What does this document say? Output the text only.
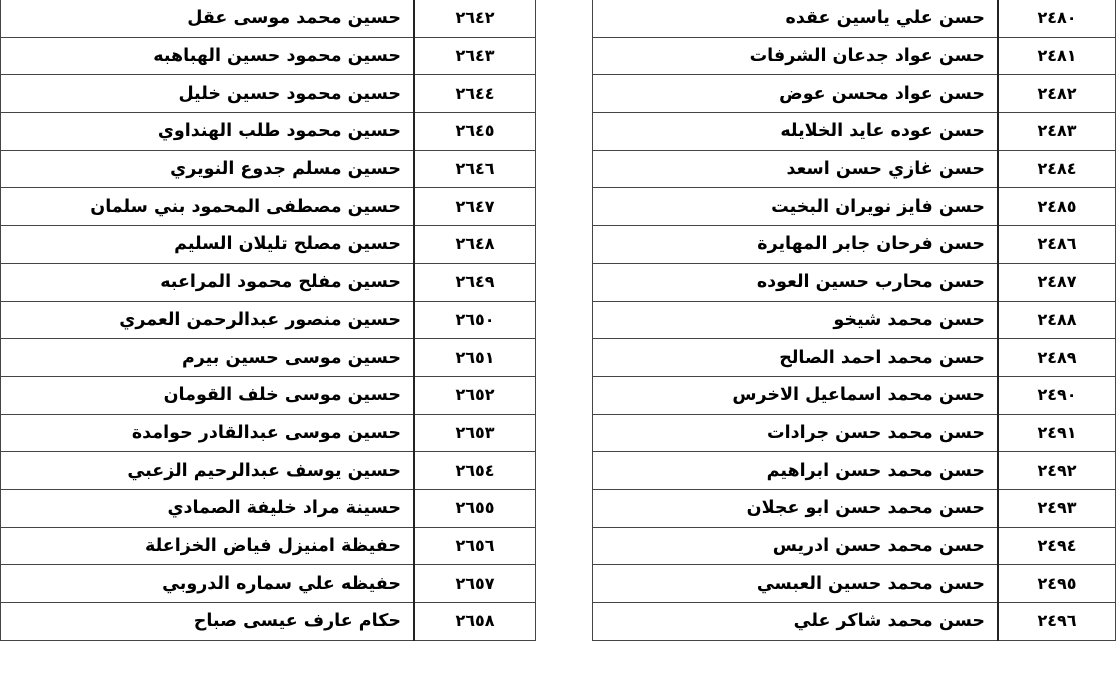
٢٤٨٠	حسن علي ياسين عقده
٢٤٨١	حسن عواد جدعان الشرفات
٢٤٨٢	حسن عواد محسن عوض
٢٤٨٣	حسن عوده عايد الخلايله
٢٤٨٤	حسن غازي حسن اسعد
٢٤٨٥	حسن فايز نويران البخيت
٢٤٨٦	حسن فرحان جابر المهايرة
٢٤٨٧	حسن محارب حسين العوده
٢٤٨٨	حسن محمد شيخو
٢٤٨٩	حسن محمد احمد الصالح
٢٤٩٠	حسن محمد اسماعيل الاخرس
٢٤٩١	حسن محمد حسن جرادات
٢٤٩٢	حسن محمد حسن ابراهيم
٢٤٩٣	حسن محمد حسن ابو عجلان
٢٤٩٤	حسن محمد حسن ادريس
٢٤٩٥	حسن محمد حسين العبسي
٢٤٩٦	حسن محمد شاكر علي
٢٦٤٢	حسين محمد موسى عقل
٢٦٤٣	حسين محمود حسين الهباهبه
٢٦٤٤	حسين محمود حسين خليل
٢٦٤٥	حسين محمود طلب الهنداوي
٢٦٤٦	حسين مسلم جدوع النويري
٢٦٤٧	حسين مصطفى المحمود بني سلمان
٢٦٤٨	حسين مصلح تليلان السليم
٢٦٤٩	حسين مفلح محمود المراعبه
٢٦٥٠	حسين منصور عبدالرحمن العمري
٢٦٥١	حسين موسى حسين بيرم
٢٦٥٢	حسين موسى خلف القومان
٢٦٥٣	حسين موسى عبدالقادر حوامدة
٢٦٥٤	حسين يوسف عبدالرحيم الزعبي
٢٦٥٥	حسينة مراد خليفة الصمادي
٢٦٥٦	حفيظة امنيزل فياض الخزاعلة
٢٦٥٧	حفيظه علي سماره الدروبي
٢٦٥٨	حكام عارف عيسى صباح
